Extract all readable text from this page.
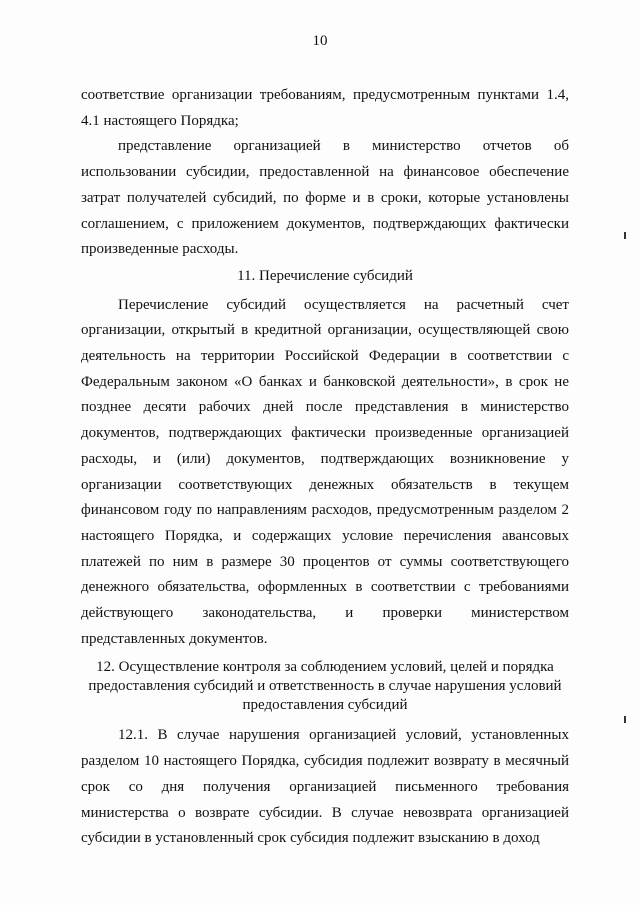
10

соответствие организации требованиям, предусмотренным пунктами 1.4, 4.1 настоящего Порядка;

представление организацией в министерство отчетов об использовании субсидии, предоставленной на финансовое обеспечение затрат получателей субсидий, по форме и в сроки, которые установлены соглашением, с приложением документов, подтверждающих фактически произведенные расходы.

11. Перечисление субсидий

Перечисление субсидий осуществляется на расчетный счет организации, открытый в кредитной организации, осуществляющей свою деятельность на территории Российской Федерации в соответствии с Федеральным законом «О банках и банковской деятельности», в срок не позднее десяти рабочих дней после представления в министерство документов, подтверждающих фактически произведенные организацией расходы, и (или) документов, подтверждающих возникновение у организации соответствующих денежных обязательств в текущем финансовом году по направлениям расходов, предусмотренным разделом 2 настоящего Порядка, и содержащих условие перечисления авансовых платежей по ним в размере 30 процентов от суммы соответствующего денежного обязательства, оформленных в соответствии с требованиями действующего законодательства, и проверки министерством представленных документов.

12. Осуществление контроля за соблюдением условий, целей и порядка предоставления субсидий и ответственность в случае нарушения условий предоставления субсидий

12.1. В случае нарушения организацией условий, установленных разделом 10 настоящего Порядка, субсидия подлежит возврату в месячный срок со дня получения организацией письменного требования министерства о возврате субсидии. В случае невозврата организацией субсидии в установленный срок субсидия подлежит взысканию в доход
